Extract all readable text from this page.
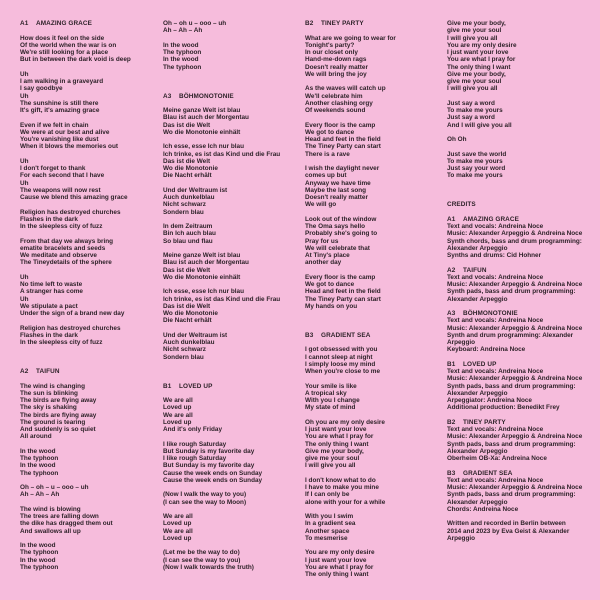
A1 AMAZING GRACE
How does it feel on the side
Of the world when the war is on
We're still looking for a place
But in between the dark void is deep
Uh
I am walking in a graveyard
I say goodbye
Uh
The sunshine is still there
It's gift, it's amazing grace
Even if we felt in chain
We were at our best and alive
You're vanishing like dust
When it blows the memories out
Uh
I don't forget to thank
For each second that I have
Uh
The weapons will now rest
Cause we blend this amazing grace
Religion has destroyed churches
Flashes in the dark
In the sleepless city of fuzz
From that day we always bring
ematite bracelets and seeds
We meditate and observe
The Tineydetails of the sphere
Uh
No time left to waste
A stranger has come
Uh
We stipulate a pact
Under the sign of a brand new day
Religion has destroyed churches
Flashes in the dark
In the sleepless city of fuzz
A2 TAIFUN
The wind is changing
The sun is blinking
The birds are flying away
The sky is shaking
The birds are flying away
The ground is tearing
And suddenly is so quiet
All around
In the wood
The typhoon
In the wood
The typhoon
Oh – oh – u – ooo – uh
Ah – Ah – Ah
The wind is blowing
The trees are falling down
the dike has dragged them out
And swallows all up
In the wood
The typhoon
In the wood
The typhoon
Oh – oh u – ooo – uh
Ah – Ah – Ah
In the wood
The typhoon
In the wood
The typhoon
A3 BÖHMONOTONIE
Meine ganze Welt ist blau
Blau ist auch der Morgentau
Das ist die Welt
Wo die Monotonie einhält
Ich esse, esse Ich nur blau
Ich trinke, es ist das Kind und die Frau
Das ist die Welt
Wo die Monotonie
Die Nacht erhält
Und der Weltraum ist
Auch dunkelblau
Nicht schwarz
Sondern blau
In dem Zeitraum
Bin Ich auch blau
So blau und flau
Meine ganze Welt ist blau
Blau ist auch der Morgentau
Das ist die Welt
Wo die Monotonie einhält
Ich esse, esse Ich nur blau
Ich trinke, es ist das Kind und die Frau
Das ist die Welt
Wo die Monotonie
Die Nacht erhält
Und der Weltraum ist
Auch dunkelblau
Nicht schwarz
Sondern blau
B1 LOVED UP
We are all
Loved up
We are all
Loved up
And it's only Friday
I like rough Saturday
But Sunday is my favorite day
I like rough Saturday
But Sunday is my favorite day
Cause the week ends on Sunday
Cause the week ends on Sunday
(Now I walk the way to you)
(I can see the way to Moon)
We are all
Loved up
We are all
Loved up
(Let me be the way to do)
(I can see the way to you)
(Now I walk towards the truth)
B2 TINEY PARTY
What are we going to wear for
Tonight's party?
In our closet only
Hand-me-down rags
Doesn't really matter
We will bring the joy
As the waves will catch up
We'll celebrate him
Another clashing orgy
Of weekends sound
Every floor is the camp
We got to dance
Head and feet in the field
The Tiney Party can start
There is a rave
I wish the daylight never
comes up but
Anyway we have time
Maybe the last song
Doesn't really matter
We will go
Look out of the window
The Oma says hello
Probably she's going to
Pray for us
We will celebrate that
At Tiny's place
another day
Every floor is the camp
We got to dance
Head and feet in the field
The Tiney Party can start
My hands on you
B3 GRADIENT SEA
I got obsessed with you
I cannot sleep at night
I simply loose my mind
When you're close to me
Your smile is like
A tropical sky
With you I change
My state of mind
Oh you are my only desire
I just want your love
You are what I pray for
The only thing I want
Give me your body,
give me your soul
I will give you all
I don't know what to do
I have to make you mine
If I can only be
alone with your for a while
With you I swim
In a gradient sea
Another space
To mesmerise
You are my only desire
I just want your love
You are what I pray for
The only thing I want
Give me your body,
give me your soul
I will give you all
You are my only desire
I just want your love
You are what I pray for
The only thing I want
Give me your body,
give me your soul
I will give you all
Just say a word
To make me yours
Just say a word
And I will give you all
Oh Oh
Just save the world
To make me yours
Just say your word
To make me yours
CREDITS
A1 AMAZING GRACE
Text and vocals: Andreina Noce
Music: Alexander Arpeggio & Andreina Noce
Synth chords, bass and drum programming:
Alexander Arpeggio
Synths and drums: Cid Hohner
A2 TAIFUN
Text and vocals: Andreina Noce
Music: Alexander Arpeggio & Andreina Noce
Synth pads, bass and drum programming:
Alexander Arpeggio
A3 BÖHMONOTONIE
Text and vocals: Andreina Noce
Music: Alexander Arpeggio & Andreina Noce
Synth and drum programming: Alexander
Arpeggio
Keyboard: Andreina Noce
B1 LOVED UP
Text and vocals: Andreina Noce
Music: Alexander Arpeggio & Andreina Noce
Synth pads, bass and drum programming:
Alexander Arpeggio
Arpeggiator: Andreina Noce
Additional production: Benedikt Frey
B2 TINEY PARTY
Text and vocals: Andreina Noce
Music: Alexander Arpeggio & Andreina Noce
Synth pads, bass and drum programming:
Alexander Arpeggio
Oberheim OB-Xa: Andreina Noce
B3 GRADIENT SEA
Text and vocals: Andreina Noce
Music: Alexander Arpeggio & Andreina Noce
Synth pads, bass and drum programming:
Alexander Arpeggio
Chords: Andreina Noce
Written and recorded in Berlin between
2014 and 2023 by Eva Geist & Alexander
Arpeggio
